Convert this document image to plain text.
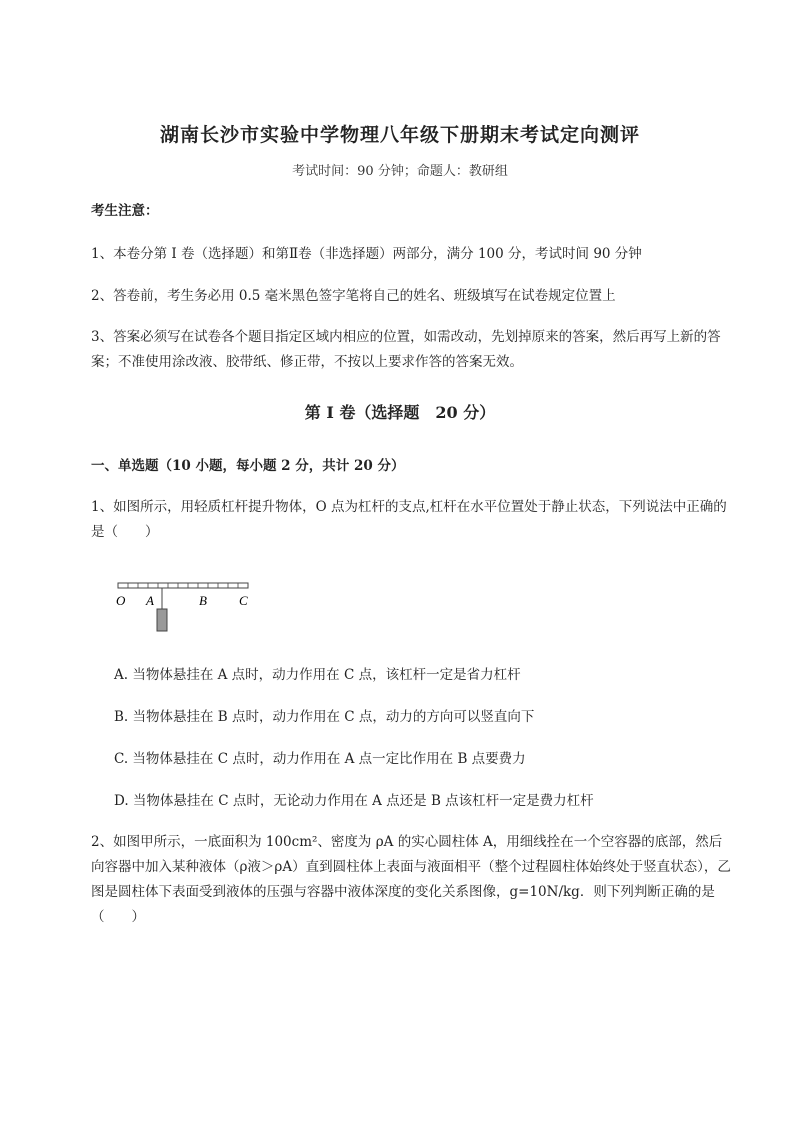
湖南长沙市实验中学物理八年级下册期末考试定向测评
考试时间：90 分钟；命题人：教研组
考生注意：
1、本卷分第 I 卷（选择题）和第Ⅱ卷（非选择题）两部分，满分 100 分，考试时间 90 分钟
2、答卷前，考生务必用 0.5 毫米黑色签字笔将自己的姓名、班级填写在试卷规定位置上
3、答案必须写在试卷各个题目指定区域内相应的位置，如需改动，先划掉原来的答案，然后再写上新的答案；不准使用涂改液、胶带纸、修正带，不按以上要求作答的答案无效。
第 I 卷（选择题　20 分）
一、单选题（10 小题，每小题 2 分，共计 20 分）
1、如图所示，用轻质杠杆提升物体，O 点为杠杆的支点,杠杆在水平位置处于静止状态，下列说法中正确的是（　　）
O A	B C
A. 当物体悬挂在 A 点时，动力作用在 C 点，该杠杆一定是省力杠杆
B. 当物体悬挂在 B 点时，动力作用在 C 点，动力的方向可以竖直向下
C. 当物体悬挂在 C 点时，动力作用在 A 点一定比作用在 B 点要费力
D. 当物体悬挂在 C 点时，无论动力作用在 A 点还是 B 点该杠杆一定是费力杠杆
2、如图甲所示，一底面积为 100cm²、密度为 ρA 的实心圆柱体 A，用细线拴在一个空容器的底部，然后向容器中加入某种液体（ρ液＞ρA）直到圆柱体上表面与液面相平（整个过程圆柱体始终处于竖直状态），乙图是圆柱体下表面受到液体的压强与容器中液体深度的变化关系图像，g=10N/kg．则下列判断正确的是（　　）
